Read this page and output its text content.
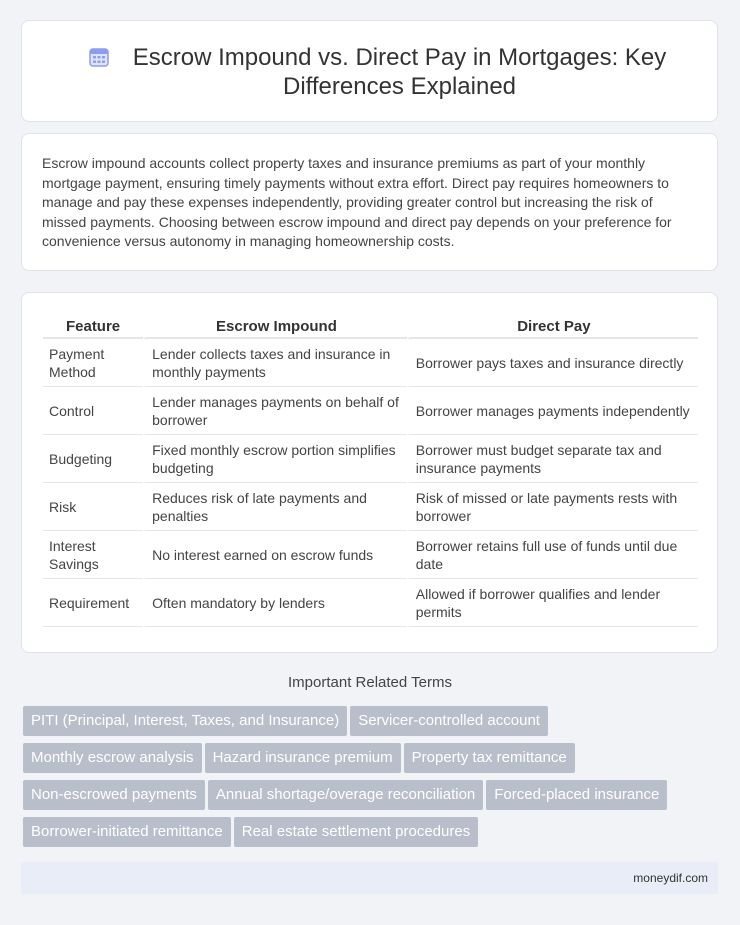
Escrow Impound vs. Direct Pay in Mortgages: Key Differences Explained
Escrow impound accounts collect property taxes and insurance premiums as part of your monthly mortgage payment, ensuring timely payments without extra effort. Direct pay requires homeowners to manage and pay these expenses independently, providing greater control but increasing the risk of missed payments. Choosing between escrow impound and direct pay depends on your preference for convenience versus autonomy in managing homeownership costs.
Feature	Escrow Impound	Direct Pay
Payment Method	Lender collects taxes and insurance in monthly payments	Borrower pays taxes and insurance directly
Control	Lender manages payments on behalf of borrower	Borrower manages payments independently
Budgeting	Fixed monthly escrow portion simplifies budgeting	Borrower must budget separate tax and insurance payments
Risk	Reduces risk of late payments and penalties	Risk of missed or late payments rests with borrower
Interest Savings	No interest earned on escrow funds	Borrower retains full use of funds until due date
Requirement	Often mandatory by lenders	Allowed if borrower qualifies and lender permits
Important Related Terms
PITI (Principal, Interest, Taxes, and Insurance) Servicer-controlled account
Monthly escrow analysis Hazard insurance premium Property tax remittance
Non-escrowed payments Annual shortage/overage reconciliation Forced-placed insurance
Borrower-initiated remittance Real estate settlement procedures
moneydif.com
